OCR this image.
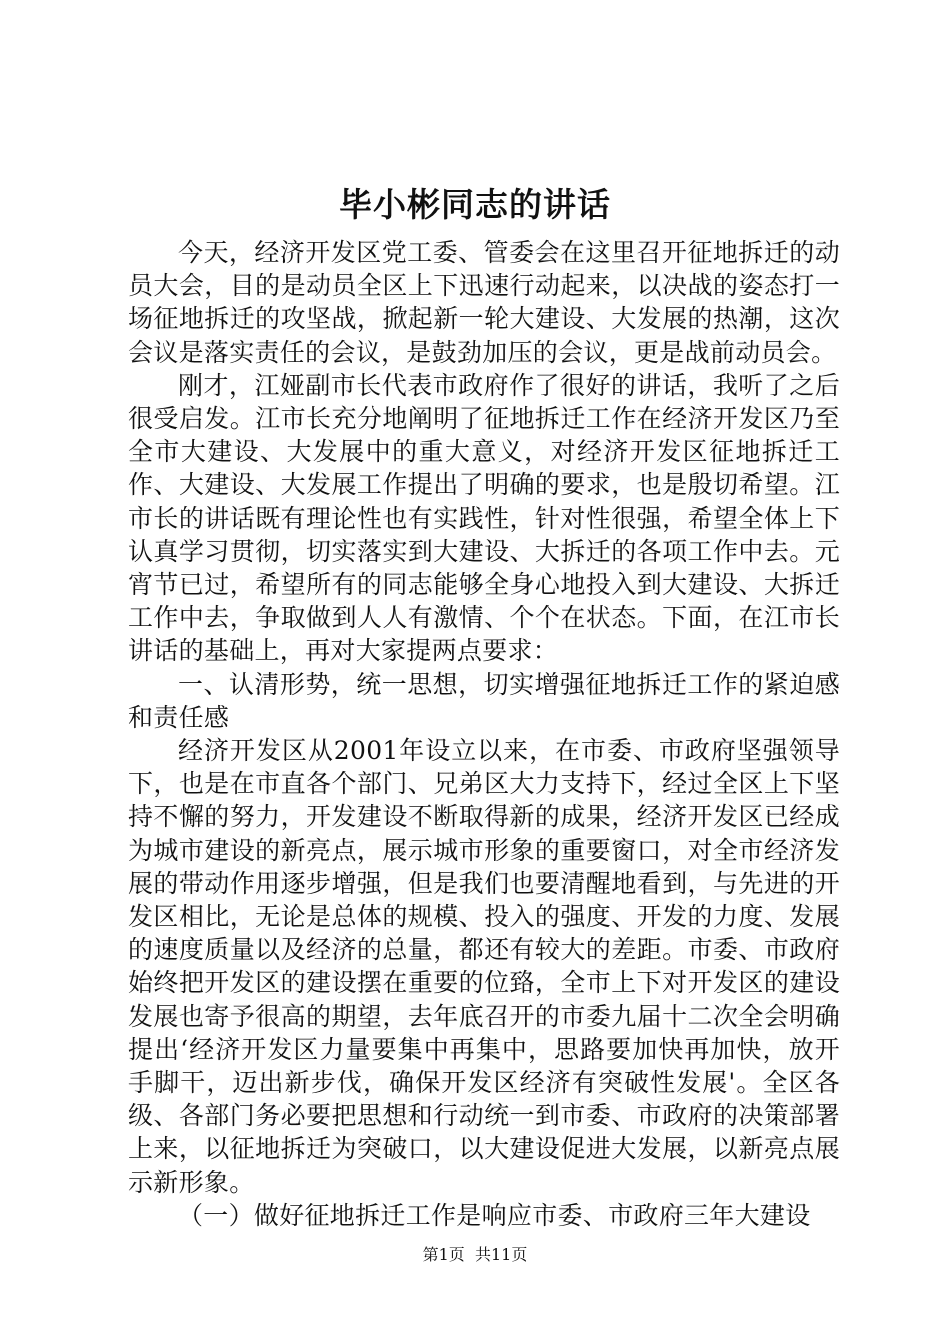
毕小彬同志的讲话

今天，经济开发区党工委、管委会在这里召开征地拆迁的动员大会，目的是动员全区上下迅速行动起来，以决战的姿态打一场征地拆迁的攻坚战，掀起新一轮大建设、大发展的热潮，这次会议是落实责任的会议，是鼓劲加压的会议，更是战前动员会。

刚才，江娅副市长代表市政府作了很好的讲话，我听了之后很受启发。江市长充分地阐明了征地拆迁工作在经济开发区乃至全市大建设、大发展中的重大意义，对经济开发区征地拆迁工作、大建设、大发展工作提出了明确的要求，也是殷切希望。江市长的讲话既有理论性也有实践性，针对性很强，希望全体上下认真学习贯彻，切实落实到大建设、大拆迁的各项工作中去。元宵节已过，希望所有的同志能够全身心地投入到大建设、大拆迁工作中去，争取做到人人有激情、个个在状态。下面，在江市长讲话的基础上，再对大家提两点要求：

一、认清形势，统一思想，切实增强征地拆迁工作的紧迫感和责任感

经济开发区从2001年设立以来，在市委、市政府坚强领导下，也是在市直各个部门、兄弟区大力支持下，经过全区上下坚持不懈的努力，开发建设不断取得新的成果，经济开发区已经成为城市建设的新亮点，展示城市形象的重要窗口，对全市经济发展的带动作用逐步增强，但是我们也要清醒地看到，与先进的开发区相比，无论是总体的规模、投入的强度、开发的力度、发展的速度质量以及经济的总量，都还有较大的差距。市委、市政府始终把开发区的建设摆在重要的位臵，全市上下对开发区的建设发展也寄予很高的期望，去年底召开的市委九届十二次全会明确提出‘经济开发区力量要集中再集中，思路要加快再加快，放开手脚干，迈出新步伐，确保开发区经济有突破性发展'。全区各级、各部门务必要把思想和行动统一到市委、市政府的决策部署上来，以征地拆迁为突破口，以大建设促进大发展，以新亮点展示新形象。

（一）做好征地拆迁工作是响应市委、市政府三年大建设

第1页 共11页
